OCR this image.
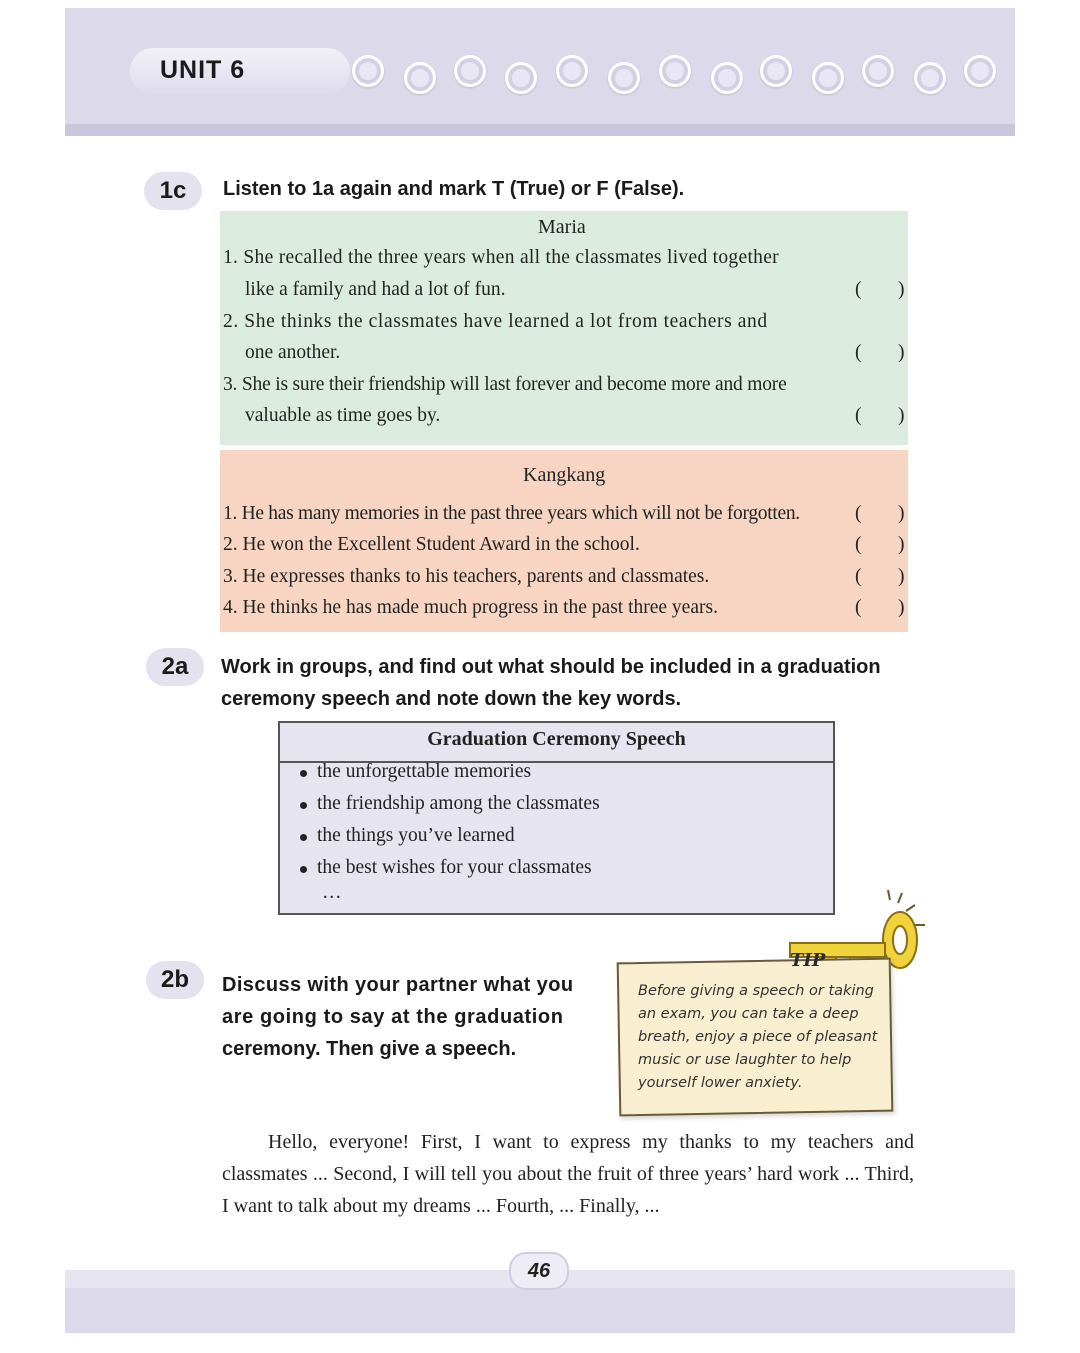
UNIT 6
1c	Listen to 1a again and mark T (True) or F (False).
Maria
1. She recalled the three years when all the classmates lived together
like a family and had a lot of fun.	( )
2. She thinks the classmates have learned a lot from teachers and
one another.	( )
3. She is sure their friendship will last forever and become more and more
valuable as time goes by.	( )
Kangkang
1. He has many memories in the past three years which will not be forgotten.	( )
2. He won the Excellent Student Award in the school.	( )
3. He expresses thanks to his teachers, parents and classmates.	( )
4. He thinks he has made much progress in the past three years.	( )
2a	Work in groups, and find out what should be included in a graduation
ceremony speech and note down the key words.
Graduation Ceremony Speech
the unforgettable memories
the friendship among the classmates
the things you’ve learned
the best wishes for your classmates
…
2b	Discuss with your partner what you
are going to say at the graduation
ceremony. Then give a speech.
TIP
Before giving a speech or taking
an exam, you can take a deep
breath, enjoy a piece of pleasant
music or use laughter to help
yourself lower anxiety.
Hello, everyone! First, I want to express my thanks to my teachers and classmates ... Second, I will tell you about the fruit of three years’ hard work ... Third, I want to talk about my dreams ... Fourth, ... Finally, ...
46
